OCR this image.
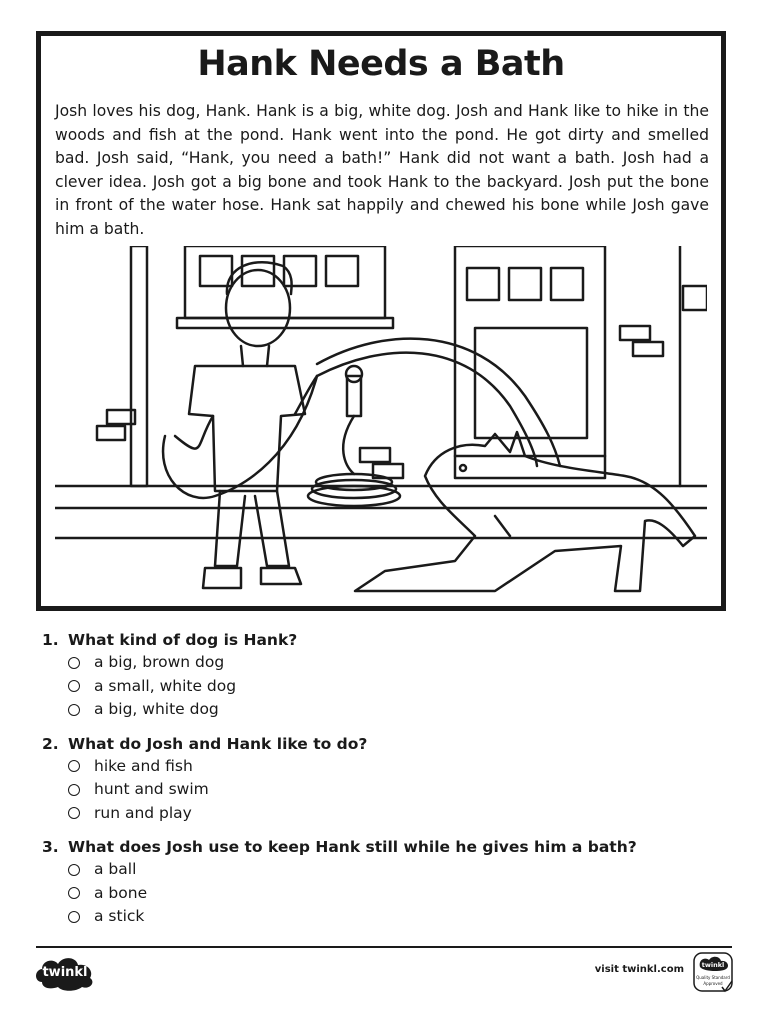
Hank Needs a Bath
Josh loves his dog, Hank. Hank is a big, white dog. Josh and Hank like to hike in the woods and fish at the pond. Hank went into the pond. He got dirty and smelled bad. Josh said, “Hank, you need a bath!” Hank did not want a bath. Josh had a clever idea. Josh got a big bone and took Hank to the backyard. Josh put the bone in front of the water hose. Hank sat happily and chewed his bone while Josh gave him a bath.
1. What kind of dog is Hank?
a big, brown dog
a small, white dog
a big, white dog
2. What do Josh and Hank like to do?
hike and fish
hunt and swim
run and play
3. What does Josh use to keep Hank still while he gives him a bath?
a ball
a bone
a stick
twinkl	visit twinkl.com	twinkl
Quality Standard
Approved
